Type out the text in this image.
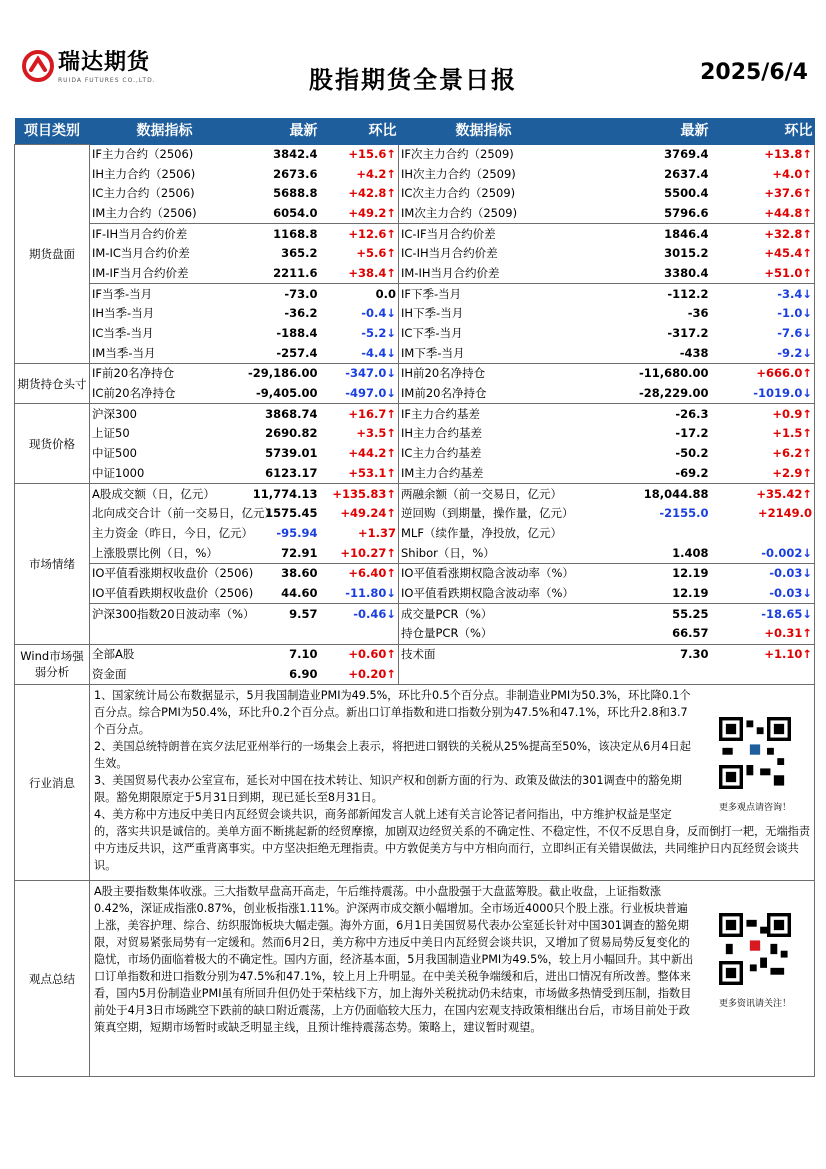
瑞达期货
RUIDA FUTURES CO.,LTD.	股指期货全景日报	2025/6/4
项目类别	数据指标	最新	环比	数据指标	最新	环比
期货盘面	IF主力合约（2506)	3842.4	+15.6↑	IF次主力合约（2509)	3769.4	+13.8↑
	IH主力合约（2506)	2673.6	+4.2↑	IH次主力合约（2509)	2637.4	+4.0↑
	IC主力合约（2506)	5688.8	+42.8↑	IC次主力合约（2509)	5500.4	+37.6↑
	IM主力合约（2506)	6054.0	+49.2↑	IM次主力合约（2509)	5796.6	+44.8↑
	IF-IH当月合约价差	1168.8	+12.6↑	IC-IF当月合约价差	1846.4	+32.8↑
	IM-IC当月合约价差	365.2	+5.6↑	IC-IH当月合约价差	3015.2	+45.4↑
	IM-IF当月合约价差	2211.6	+38.4↑	IM-IH当月合约价差	3380.4	+51.0↑
	IF当季-当月	-73.0	0.0	IF下季-当月	-112.2	-3.4↓
	IH当季-当月	-36.2	-0.4↓	IH下季-当月	-36	-1.0↓
	IC当季-当月	-188.4	-5.2↓	IC下季-当月	-317.2	-7.6↓
	IM当季-当月	-257.4	-4.4↓	IM下季-当月	-438	-9.2↓
期货持仓头寸	IF前20名净持仓	-29,186.00	-347.0↓	IH前20名净持仓	-11,680.00	+666.0↑
	IC前20名净持仓	-9,405.00	-497.0↓	IM前20名净持仓	-28,229.00	-1019.0↓
现货价格	沪深300	3868.74	+16.7↑	IF主力合约基差	-26.3	+0.9↑
	上证50	2690.82	+3.5↑	IH主力合约基差	-17.2	+1.5↑
	中证500	5739.01	+44.2↑	IC主力合约基差	-50.2	+6.2↑
	中证1000	6123.17	+53.1↑	IM主力合约基差	-69.2	+2.9↑
市场情绪	A股成交额（日，亿元）	11,774.13	+135.83↑	两融余额（前一交易日，亿元）	18,044.88	+35.42↑
	北向成交合计（前一交易日，亿元）	1575.45	+49.24↑	逆回购（到期量，操作量，亿元）	-2155.0	+2149.0
	主力资金（昨日，今日，亿元）	-95.94	+1.37	MLF（续作量，净投放，亿元）		
	上涨股票比例（日，%）	72.91	+10.27↑	Shibor（日，%）	1.408	-0.002↓
	IO平值看涨期权收盘价（2506)	38.60	+6.40↑	IO平值看涨期权隐含波动率（%）	12.19	-0.03↓
	IO平值看跌期权收盘价（2506)	44.60	-11.80↓	IO平值看跌期权隐含波动率（%）	12.19	-0.03↓
	沪深300指数20日波动率（%）	9.57	-0.46↓	成交量PCR（%）	55.25	-18.65↓
				持仓量PCR（%）	66.57	+0.31↑
Wind市场强弱分析	全部A股	7.10	+0.60↑	技术面	7.30	+1.10↑
	资金面	6.90	+0.20↑			
行业消息	更多观点请咨询！
1、国家统计局公布数据显示，5月我国制造业PMI为49.5%，环比升0.5个百分点。非制造业PMI为50.3%，环比降0.1个百分点。综合PMI为50.4%，环比升0.2个百分点。新出口订单指数和进口指数分别为47.5%和47.1%，环比升2.8和3.7个百分点。
2、美国总统特朗普在宾夕法尼亚州举行的一场集会上表示，将把进口钢铁的关税从25%提高至50%，该决定从6月4日起生效。
3、美国贸易代表办公室宣布，延长对中国在技术转让、知识产权和创新方面的行为、政策及做法的301调查中的豁免期限。豁免期限原定于5月31日到期，现已延长至8月31日。
4、美方称中方违反中美日内瓦经贸会谈共识，商务部新闻发言人就上述有关言论答记者问指出，中方维护权益是坚定的，落实共识是诚信的。美单方面不断挑起新的经贸摩擦，加剧双边经贸关系的不确定性、不稳定性，不仅不反思自身，反而倒打一耙，无端指责中方违反共识，这严重背离事实。中方坚决拒绝无理指责。中方敦促美方与中方相向而行，立即纠正有关错误做法，共同维护日内瓦经贸会谈共识。					

观点总结	更多资讯请关注！
A股主要指数集体收涨。三大指数早盘高开高走，午后维持震荡。中小盘股强于大盘蓝筹股。截止收盘，上证指数涨0.42%，深证成指涨0.87%，创业板指涨1.11%。沪深两市成交额小幅增加。全市场近4000只个股上涨。行业板块普遍上涨，美容护理、综合、纺织服饰板块大幅走强。海外方面，6月1日美国贸易代表办公室延长针对中国301调查的豁免期限，对贸易紧张局势有一定缓和。然而6月2日，美方称中方违反中美日内瓦经贸会谈共识，又增加了贸易局势反复变化的隐忧，市场仍面临着极大的不确定性。国内方面，经济基本面，5月我国制造业PMI为49.5%，较上月小幅回升。其中新出口订单指数和进口指数分别为47.5%和47.1%，较上月上升明显。在中美关税争端缓和后，进出口情况有所改善。整体来看，国内5月份制造业PMI虽有所回升但仍处于荣枯线下方，加上海外关税扰动仍未结束，市场做多热情受到压制，指数目前处于4月3日市场跳空下跌前的缺口附近震荡，上方仍面临较大压力，在国内宏观支持政策相继出台后，市场目前处于政策真空期，短期市场暂时或缺乏明显主线，且预计维持震荡态势。策略上，建议暂时观望。					
